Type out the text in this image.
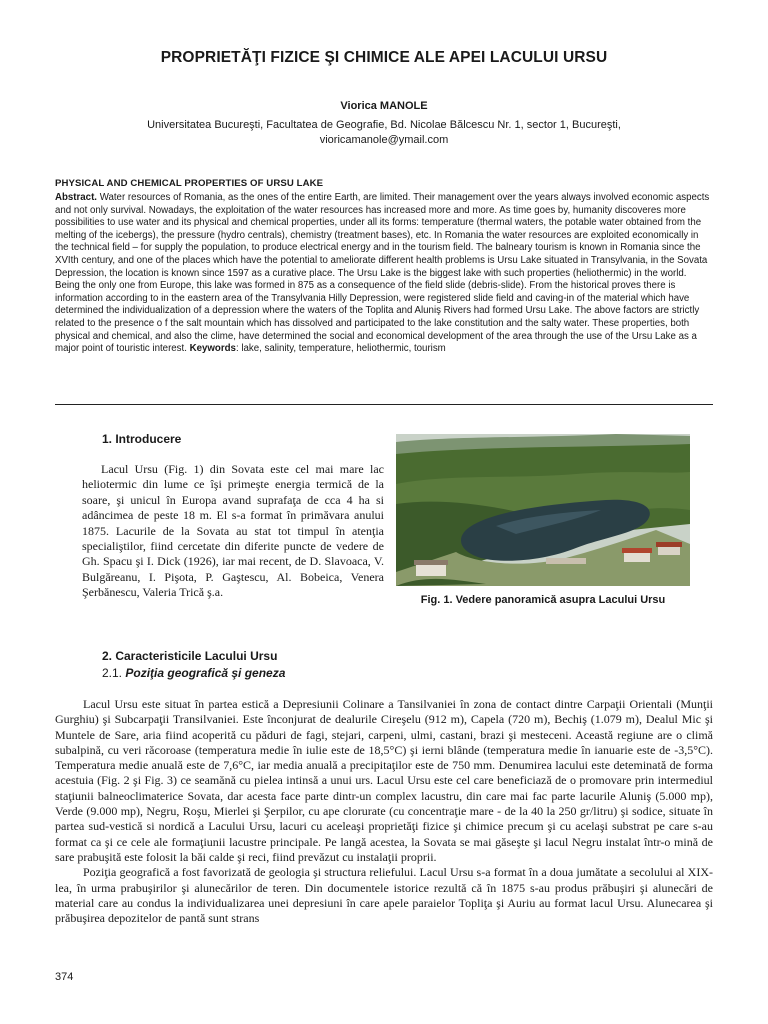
PROPRIETĂŢI FIZICE ŞI CHIMICE ALE APEI LACULUI URSU
Viorica MANOLE
Universitatea Bucureşti, Facultatea de Geografie, Bd. Nicolae Bălcescu Nr. 1, sector 1, Bucureşti,
vioricamanole@ymail.com
PHYSICAL AND CHEMICAL PROPERTIES OF URSU LAKE
Abstract. Water resources of Romania, as the ones of the entire Earth, are limited. Their management over the years always involved economic aspects and not only survival. Nowadays, the exploitation of the water resources has increased more and more. As time goes by, humanity discoveres more possibilities to use water and its physical and chemical properties, under all its forms: temperature (thermal waters, the potable water obtained from the melting of the icebergs), the pressure (hydro centrals), chemistry (treatment bases), etc. In Romania the water resources are exploited economically in the technical field – for supply the population, to produce electrical energy and in the tourism field. The balneary tourism is known in Romania since the XVIth century, and one of the places which have the potential to ameliorate different health problems is Ursu Lake situated in Transylvania, in the Sovata Depression, the location is known since 1597 as a curative place. The Ursu Lake is the biggest lake with such properties (heliothermic) in the world. Being the only one from Europe, this lake was formed in 875 as a consequence of the field slide (debris-slide). From the historical proves there is information according to in the eastern area of the Transylvania Hilly Depression, were registered slide field and caving-in of the material which have determined the individualization of a depression where the waters of the Toplita and Aluniş Rivers had formed Ursu Lake. The above factors are strictly related to the presence o f the salt mountain which has dissolved and participated to the lake constitution and the salty water. These properties, both physical and chemical, and also the clime, have determined the social and economical development of the area through the use of the Ursu Lake as a major point of touristic interest. Keywords: lake, salinity, temperature, heliothermic, tourism
1. Introducere
Lacul Ursu (Fig. 1) din Sovata este cel mai mare lac heliotermic din lume ce îşi primeşte energia termică de la soare, şi unicul în Europa avand suprafaţa de cca 4 ha si adâncimea de peste 18 m. El s-a format în primăvara anului 1875. Lacurile de la Sovata au stat tot timpul în atenţia specialiştilor, fiind cercetate din diferite puncte de vedere de Gh. Spacu şi I. Dick (1926), iar mai recent, de D. Slavoaca, V. Bulgăreanu, I. Pişota, P. Gaştescu, Al. Bobeica, Venera Şerbănescu, Valeria Trică ş.a.
Fig. 1. Vedere panoramică asupra Lacului Ursu
2. Caracteristicile Lacului Ursu
2.1. Poziţia geografică şi geneza

Lacul Ursu este situat în partea estică a Depresiunii Colinare a Tansilvaniei în zona de contact dintre Carpaţii Orientali (Munţii Gurghiu) şi Subcarpaţii Transilvaniei. Este înconjurat de dealurile Cireşelu (912 m), Capela (720 m), Bechiş (1.079 m), Dealul Mic şi Muntele de Sare, aria fiind acoperită cu păduri de fagi, stejari, carpeni, ulmi, castani, brazi şi mesteceni. Această regiune are o climă subalpină, cu veri răcoroase (temperatura medie în iulie este de 18,5°C) şi ierni blânde (temperatura medie în ianuarie este de -3,5°C). Temperatura medie anuală este de 7,6°C, iar media anuală a precipitaţilor este de 750 mm. Denumirea lacului este deteminată de forma acestuia (Fig. 2 şi Fig. 3) ce seamănă cu pielea intinsă a unui urs. Lacul Ursu este cel care beneficiază de o promovare prin intermediul staţiunii balneoclimaterice Sovata, dar acesta face parte dintr-un complex lacustru, din care mai fac parte lacurile Aluniş (5.000 mp), Verde (9.000 mp), Negru, Roşu, Mierlei şi Şerpilor, cu ape clorurate (cu concentraţie mare - de la 40 la 250 gr/litru) şi sodice, situate în partea sud-vestică si nordică a Lacului Ursu, lacuri cu aceleaşi proprietăţi fizice şi chimice precum şi cu acelaşi substrat pe care s-au format ca şi ce cele ale formaţiunii lacustre principale. Pe langă acestea, la Sovata se mai găseşte şi lacul Negru instalat într-o mină de sare prabuşită este folosit la băi calde şi reci, fiind prevăzut cu instalaţii proprii.

Poziţia geografică a fost favorizată de geologia şi structura reliefului. Lacul Ursu s-a format în a doua jumătate a secolului al XIX-lea, în urma prabuşirilor şi alunecărilor de teren. Din documentele istorice rezultă că în 1875 s-au produs prăbuşiri şi alunecări de material care au condus la individualizarea unei depresiuni în care apele paraielor Topliţa şi Auriu au format lacul Ursu. Alunecarea şi prăbuşirea depozitelor de pantă sunt strans

374
